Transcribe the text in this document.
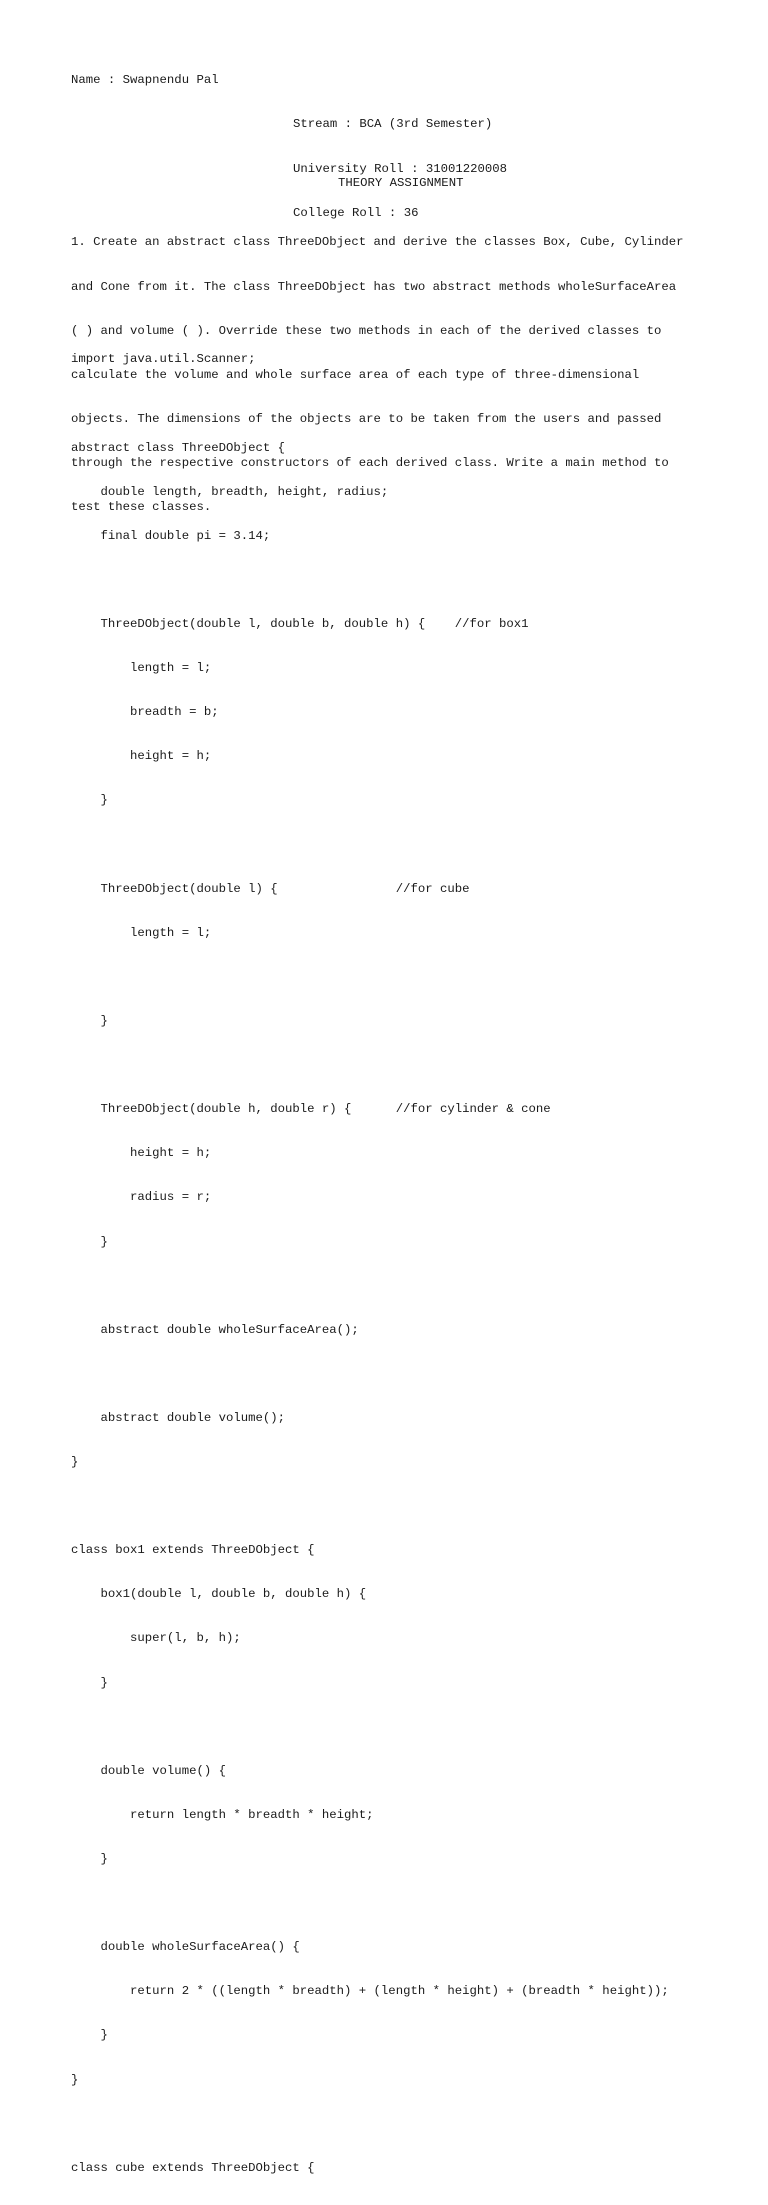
Name : Swapnendu Pal

Stream : BCA (3rd Semester)

University Roll : 31001220008

College Roll : 36

THEORY ASSIGNMENT

1. Create an abstract class ThreeDObject and derive the classes Box, Cube, Cylinder

and Cone from it. The class ThreeDObject has two abstract methods wholeSurfaceArea

( ) and volume ( ). Override these two methods in each of the derived classes to

calculate the volume and whole surface area of each type of three-dimensional

objects. The dimensions of the objects are to be taken from the users and passed

through the respective constructors of each derived class. Write a main method to

test these classes.

import java.util.Scanner;

abstract class ThreeDObject {

double length, breadth, height, radius;

final double pi = 3.14;

ThreeDObject(double l, double b, double h) {    //for box1

length = l;

breadth = b;

height = h;

}

ThreeDObject(double l) {                //for cube

length = l;

}

ThreeDObject(double h, double r) {      //for cylinder & cone

height = h;

radius = r;

}

abstract double wholeSurfaceArea();

abstract double volume();

}

class box1 extends ThreeDObject {

box1(double l, double b, double h) {

super(l, b, h);

}

double volume() {

return length * breadth * height;

}

double wholeSurfaceArea() {

return 2 * ((length * breadth) + (length * height) + (breadth * height));

}

}

class cube extends ThreeDObject {
